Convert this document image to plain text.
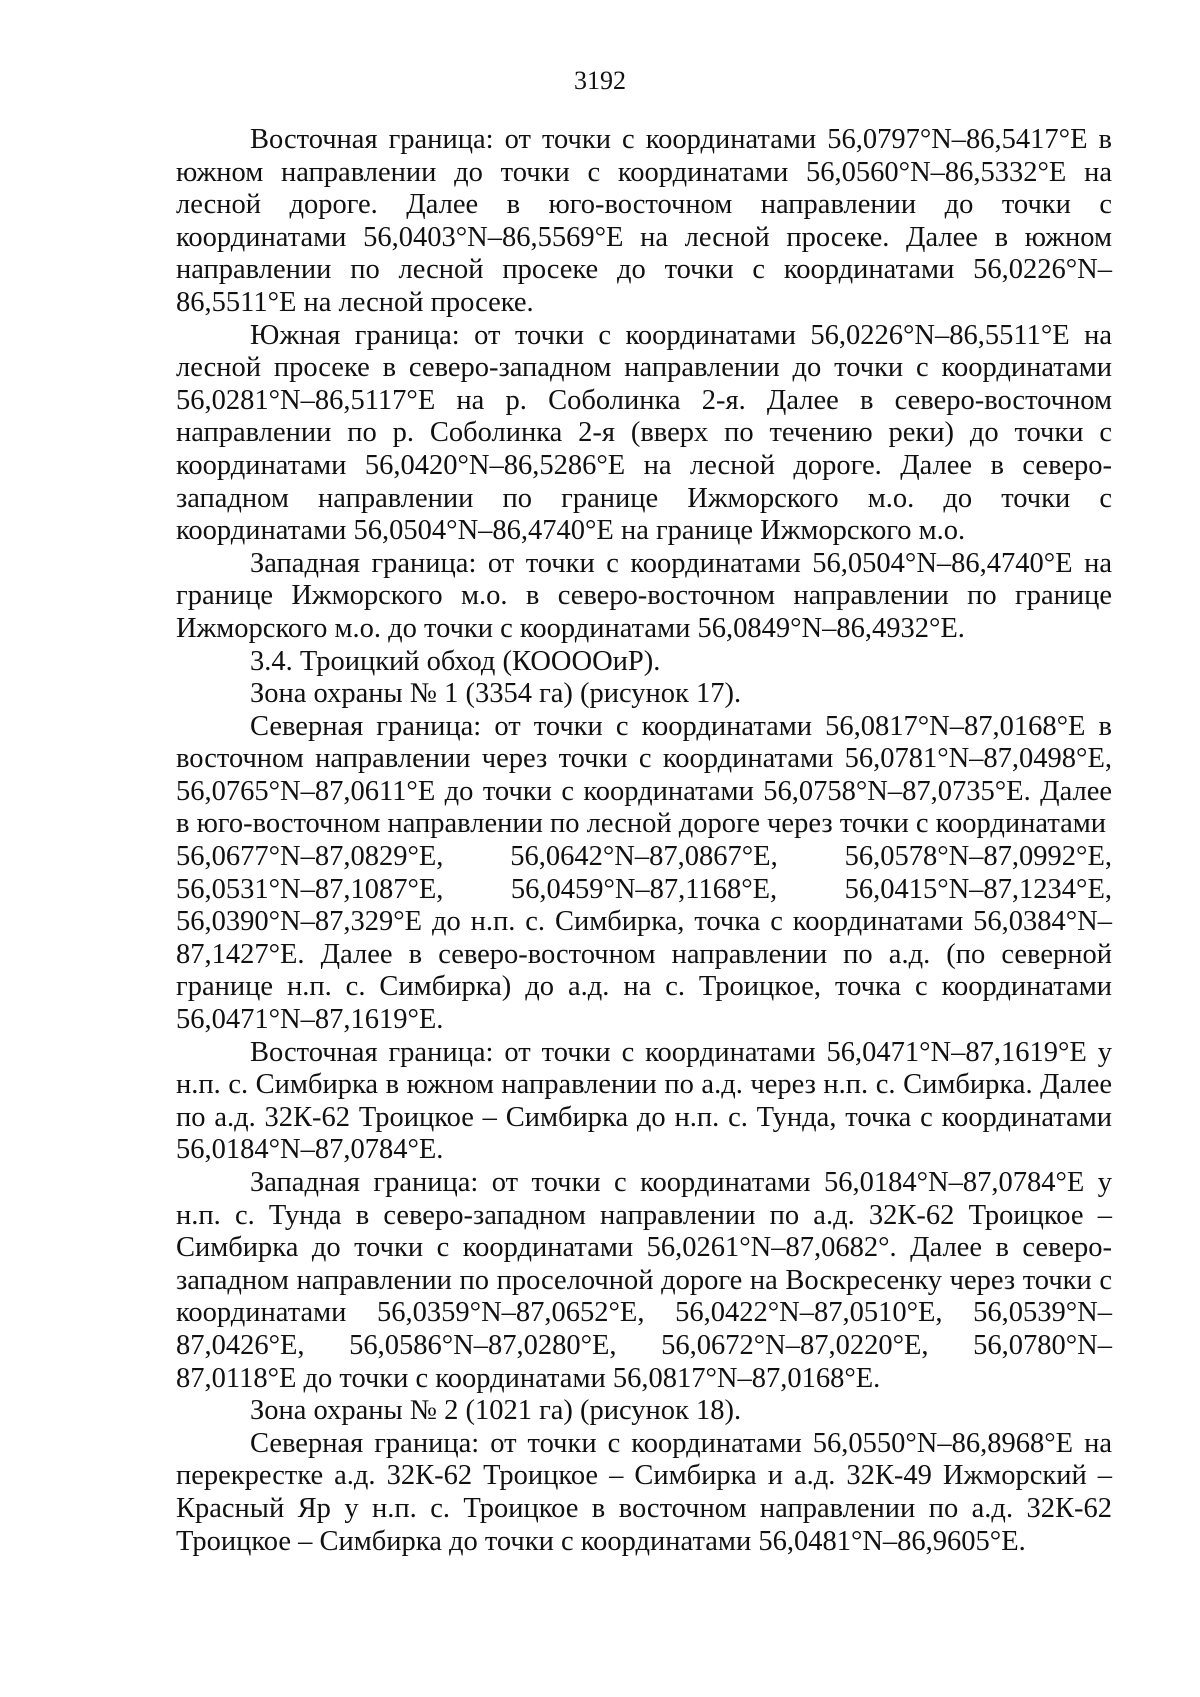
3192

Восточная граница: от точки с координатами 56,0797°N–86,5417°E в южном направлении до точки с координатами 56,0560°N–86,5332°E на лесной дороге. Далее в юго-восточном направлении до точки с координатами 56,0403°N–86,5569°E на лесной просеке. Далее в южном направлении по лесной просеке до точки с координатами 56,0226°N–86,5511°E на лесной просеке.

Южная граница: от точки с координатами 56,0226°N–86,5511°E на лесной просеке в северо-западном направлении до точки с координатами 56,0281°N–86,5117°E на р. Соболинка 2-я. Далее в северо-восточном направлении по р. Соболинка 2-я (вверх по течению реки) до точки с координатами 56,0420°N–86,5286°E на лесной дороге. Далее в северо-западном направлении по границе Ижморского м.о. до точки с координатами 56,0504°N–86,4740°E на границе Ижморского м.о.

Западная граница: от точки с координатами 56,0504°N–86,4740°E на границе Ижморского м.о. в северо-восточном направлении по границе Ижморского м.о. до точки с координатами 56,0849°N–86,4932°E.

3.4. Троицкий обход (КОООOиР).

Зона охраны № 1 (3354 га) (рисунок 17).

Северная граница: от точки с координатами 56,0817°N–87,0168°E в восточном направлении через точки с координатами 56,0781°N–87,0498°E, 56,0765°N–87,0611°E до точки с координатами 56,0758°N–87,0735°E. Далее в юго-восточном направлении по лесной дороге через точки с координатами

56,0677°N–87,0829°E, 56,0642°N–87,0867°E, 56,0578°N–87,0992°E,

56,0531°N–87,1087°E, 56,0459°N–87,1168°E, 56,0415°N–87,1234°E,

56,0390°N–87,329°E до н.п. с. Симбирка, точка с координатами 56,0384°N–87,1427°E. Далее в северо-восточном направлении по а.д. (по северной границе н.п. с. Симбирка) до а.д. на с. Троицкое, точка с координатами 56,0471°N–87,1619°E.

Восточная граница: от точки с координатами 56,0471°N–87,1619°E у н.п. с. Симбирка в южном направлении по а.д. через н.п. с. Симбирка. Далее по а.д. 32К-62 Троицкое – Симбирка до н.п. с. Тунда, точка с координатами 56,0184°N–87,0784°E.

Западная граница: от точки с координатами 56,0184°N–87,0784°E у н.п. с. Тунда в северо-западном направлении по а.д. 32К-62 Троицкое – Симбирка до точки с координатами 56,0261°N–87,0682°. Далее в северо-западном направлении по проселочной дороге на Воскресенку через точки с координатами 56,0359°N–87,0652°E, 56,0422°N–87,0510°E, 56,0539°N–87,0426°E, 56,0586°N–87,0280°E, 56,0672°N–87,0220°E, 56,0780°N–87,0118°E до точки с координатами 56,0817°N–87,0168°E.

Зона охраны № 2 (1021 га) (рисунок 18).

Северная граница: от точки с координатами 56,0550°N–86,8968°E на перекрестке а.д. 32К-62 Троицкое – Симбирка и а.д. 32К-49 Ижморский – Красный Яр у н.п. с. Троицкое в восточном направлении по а.д. 32К-62 Троицкое – Симбирка до точки с координатами 56,0481°N–86,9605°E.
